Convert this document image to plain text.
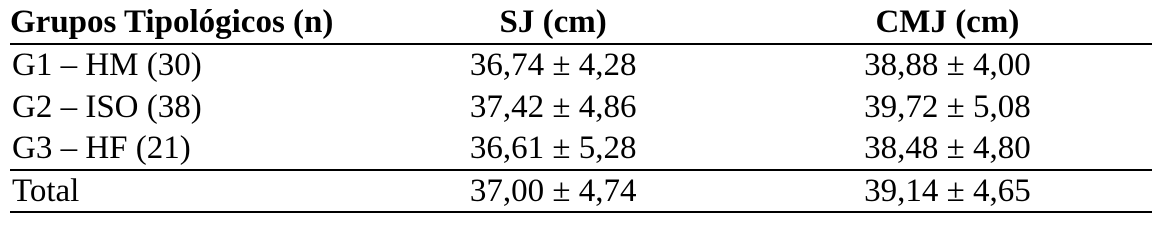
Grupos Tipológicos (n)	SJ (cm)	CMJ (cm)
G1 – HM (30)	36,74 ± 4,28	38,88 ± 4,00
G2 – ISO (38)	37,42 ± 4,86	39,72 ± 5,08
G3 – HF (21)	36,61 ± 5,28	38,48 ± 4,80
Total	37,00 ± 4,74	39,14 ± 4,65
